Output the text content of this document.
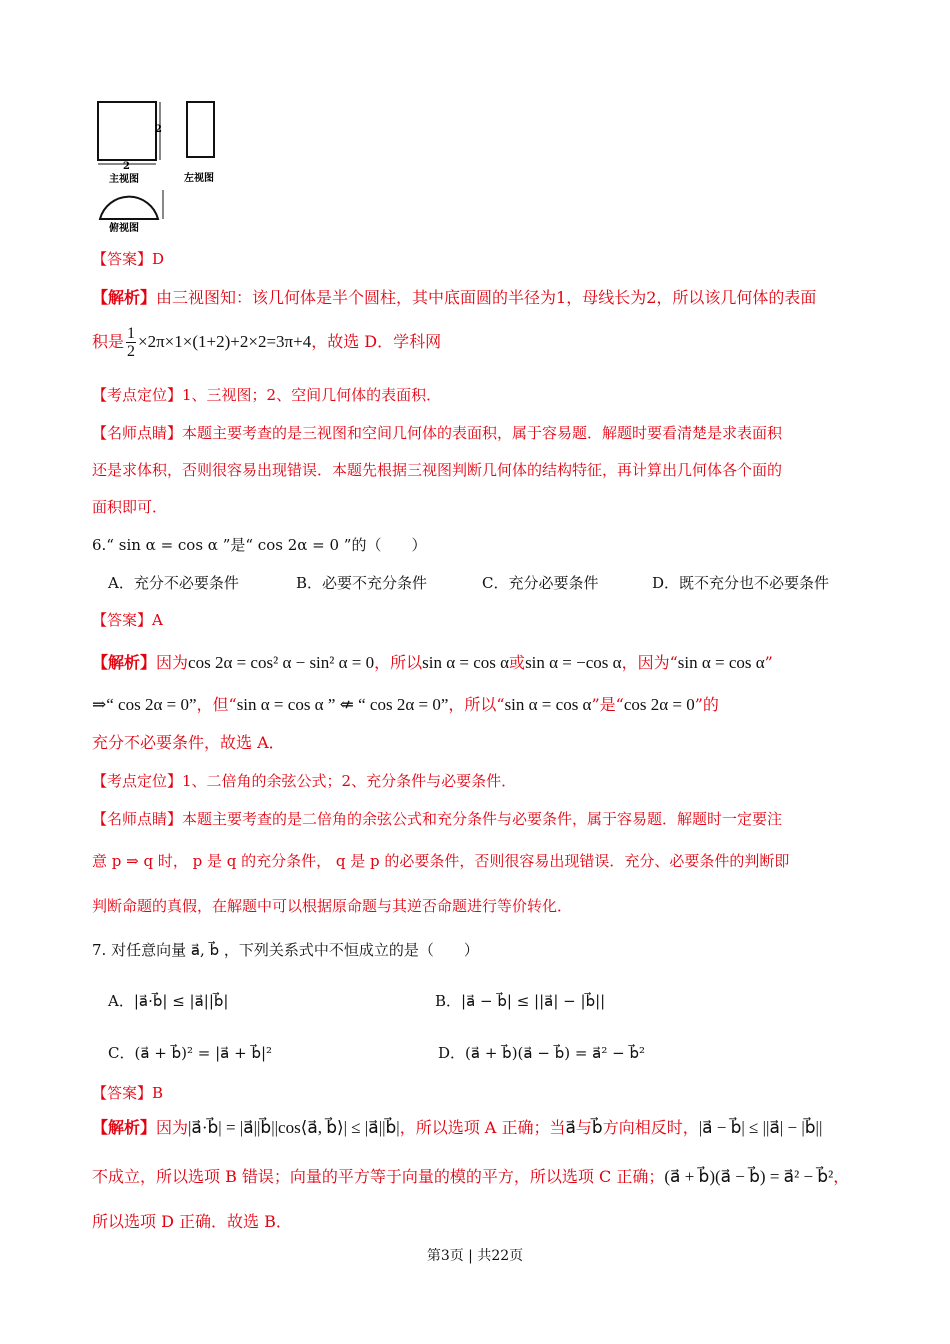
2
2
主视图	左视图
俯视图
【答案】D
【解析】由三视图知：该几何体是半个圆柱，其中底面圆的半径为1，母线长为2，所以该几何体的表面
积是 $\frac{1}{2} \times 2\pi\times 1\times(1+2)+2\times 2=3\pi+4$，故选 D．学科网
【考点定位】1、三视图；2、空间几何体的表面积．
【名师点睛】本题主要考查的是三视图和空间几何体的表面积，属于容易题．解题时要看清楚是求表面积
还是求体积，否则很容易出现错误．本题先根据三视图判断几何体的结构特征，再计算出几何体各个面的
面积即可．
6.“ sin α = cos α ”是“ cos 2α = 0 ”的（　　）
A．充分不必要条件	B．必要不充分条件	C．充分必要条件	D．既不充分也不必要条件
【答案】A
【解析】因为cos 2α = cos² α − sin² α = 0，所以sin α = cos α或sin α = −cos α，因为“sin α = cos α”
⇒“ cos 2α = 0”，但“sin α = cos α ” ⇍ “ cos 2α = 0”，所以“sin α = cos α”是“cos 2α = 0”的
充分不必要条件，故选 A．
【考点定位】1、二倍角的余弦公式；2、充分条件与必要条件．
【名师点睛】本题主要考查的是二倍角的余弦公式和充分条件与必要条件，属于容易题．解题时一定要注
意 p ⇒ q 时， p 是 q 的充分条件， q 是 p 的必要条件，否则很容易出现错误．充分、必要条件的判断即
判断命题的真假，在解题中可以根据原命题与其逆否命题进行等价转化．
7. 对任意向量 a⃗, b⃗ ，下列关系式中不恒成立的是（　　）
A．|a⃗·b⃗| ≤ |a⃗||b⃗|	B．|a⃗ − b⃗| ≤ ||a⃗| − |b⃗||
C．(a⃗ + b⃗)² = |a⃗ + b⃗|²	D．(a⃗ + b⃗)(a⃗ − b⃗) = a⃗² − b⃗²
【答案】B
【解析】因为|a⃗·b⃗| = |a⃗||b⃗||cos⟨a⃗, b⃗⟩| ≤ |a⃗||b⃗|，所以选项 A 正确；当a⃗与b⃗方向相反时，|a⃗ − b⃗| ≤ ||a⃗| − |b⃗||
不成立，所以选项 B 错误；向量的平方等于向量的模的平方，所以选项 C 正确；(a⃗ + b⃗)(a⃗ − b⃗) = a⃗² − b⃗²，
所以选项 D 正确．故选 B．
第3页 | 共22页
